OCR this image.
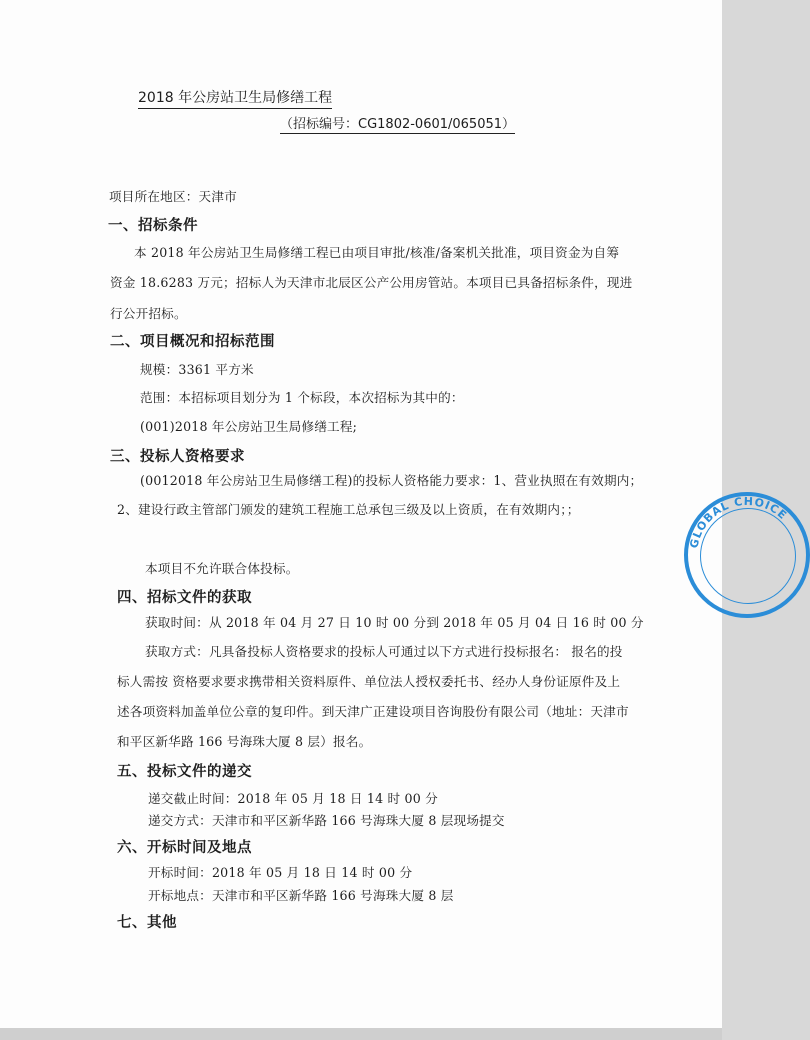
2018 年公房站卫生局修缮工程
（招标编号：CG1802-0601/065051）
项目所在地区：天津市
一、招标条件
本 2018 年公房站卫生局修缮工程已由项目审批/核准/备案机关批准，项目资金为自筹
资金 18.6283 万元；招标人为天津市北辰区公产公用房管站。本项目已具备招标条件，现进
行公开招标。
二、项目概况和招标范围
规模：3361 平方米
范围：本招标项目划分为 1 个标段，本次招标为其中的：
(001)2018 年公房站卫生局修缮工程;
三、投标人资格要求
(0012018 年公房站卫生局修缮工程)的投标人资格能力要求：1、营业执照在有效期内；
2、建设行政主管部门颁发的建筑工程施工总承包三级及以上资质，在有效期内；；
本项目不允许联合体投标。
四、招标文件的获取
获取时间：从 2018 年 04 月 27 日 10 时 00 分到 2018 年 05 月 04 日 16 时 00 分
获取方式：凡具备投标人资格要求的投标人可通过以下方式进行投标报名： 报名的投
标人需按 资格要求要求携带相关资料原件、单位法人授权委托书、经办人身份证原件及上
述各项资料加盖单位公章的复印件。到天津广正建设项目咨询股份有限公司（地址：天津市
和平区新华路 166 号海珠大厦 8 层）报名。
五、投标文件的递交
递交截止时间：2018 年 05 月 18 日 14 时 00 分
递交方式：天津市和平区新华路 166 号海珠大厦 8 层现场提交
六、开标时间及地点
开标时间：2018 年 05 月 18 日 14 时 00 分
开标地点：天津市和平区新华路 166 号海珠大厦 8 层
七、其他
GLOBAL CHOICE
